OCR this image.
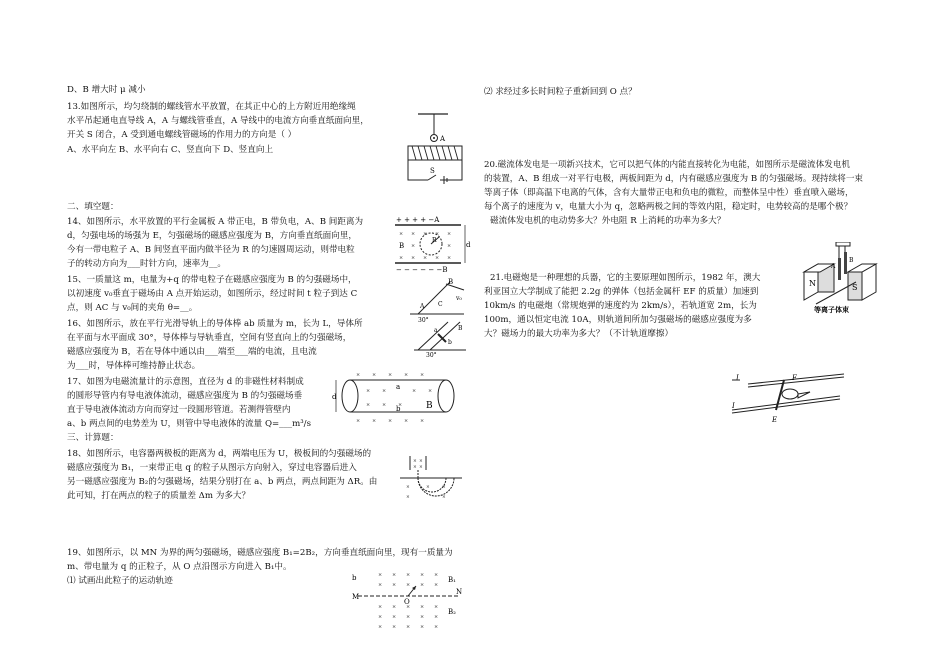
D、B 增大时 μ 减小
13.如图所示，均匀绕制的螺线管水平放置，在其正中心的上方附近用绝缘绳
水平吊起通电直导线 A，A 与螺线管垂直，A 导线中的电流方向垂直纸面向里，
开关 S 闭合，A 受到通电螺线管磁场的作用力的方向是（ ）
A、水平向左 B、水平向右 C、竖直向下 D、竖直向上
二、填空题：
14、如图所示，水平放置的平行金属板 A 带正电，B 带负电，A、B 间距离为
d，匀强电场的场强为 E，匀强磁场的磁感应强度为 B，方向垂直纸面向里，
今有一带电粒子 A、B 间竖直平面内做半径为 R 的匀速圆周运动，则带电粒
子的转动方向为___时针方向，速率为__。
15、一质量这 m，电量为+q 的带电粒子在磁感应强度为 B 的匀强磁场中，
以初速度 v₀垂直于磁场由 A 点开始运动，如图所示，经过时间 t 粒子到达 C
点，则 AC 与 v₀间的夹角 θ=__。
16、如图所示，放在平行光滑导轨上的导体棒 ab 质量为 m，长为 L，导体所
在平面与水平面成 30°，导体棒与导轨垂直，空间有竖直向上的匀强磁场，
磁感应强度为 B，若在导体中通以由___端至___端的电流，且电流
为___时，导体棒可维持静止状态。
17、如图为电磁流量计的示意图，直径为 d 的非磁性材料制成
的圆形导管内有导电液体流动，磁感应强度为 B 的匀强磁场垂
直于导电液体流动方向而穿过一段圆形管道。若测得管壁内
a、b 两点间的电势差为 U，则管中导电液体的流量 Q=___m³/s
三、计算题：
18、如图所示，电容器两极板的距离为 d，两端电压为 U，极板间的匀强磁场的
磁感应强度为 B₁，一束带正电 q 的粒子从图示方向射入，穿过电容器后进入
另一磁感应强度为 B₂的匀强磁场，结果分别打在 a、b 两点，两点间距为 ΔR。由
此可知，打在两点的粒子的质量差 Δm 为多大？
19、如图所示，以 MN 为界的两匀强磁场，磁感应强度 B₁=2B₂，方向垂直纸面向里，现有一质量为
m、带电量为 q 的正粒子，从 O 点沿图示方向进入 B₁中。
⑴ 试画出此粒子的运动轨迹
⑵ 求经过多长时间粒子重新回到 O 点？
20.磁流体发电是一项新兴技术，它可以把气体的内能直接转化为电能，如图所示是磁流体发电机
的装置，A、B 组成一对平行电极，两板间距为 d，内有磁感应强度为 B 的匀强磁场。现持续将一束
等离子体（即高温下电离的气体，含有大量带正电和负电的微粒，而整体呈中性）垂直喷入磁场，
每个离子的速度为 v，电量大小为 q，忽略两极之间的等效内阻，稳定时，电势较高的是哪个极？
磁流体发电机的电动势多大？外电阻 R 上消耗的功率为多大？
21.电磁炮是一种理想的兵器，它的主要原理如图所示，1982 年，澳大
利亚国立大学制成了能把 2.2g 的弹体（包括金属杆 EF 的质量）加速到
10km/s 的电磁炮（常规炮弹的速度约为 2km/s），若轨道宽 2m，长为
100m，通以恒定电流 10A，则轨道间所加匀强磁场的磁感应强度为多
大？磁场力的最大功率为多大？（不计轨道摩擦）
A
S
+ + + + −A
− − − − − −B
× × × × ×
×	×
× × × × ×
B
R
d
B
v₀
A C
30°
a
b
B
30°
d
× × × × ×
× ×	× ×
× × ×
× × × × ×
a
b	B
× ×
× ×
×	×	×
×	×
b	× × × × ×
× × × × ×
× × × × ×
× × × × ×
× × × × ×
B₁
B₂
M
N
O
N	S
A
B
等离子体束
I
I
F
E
